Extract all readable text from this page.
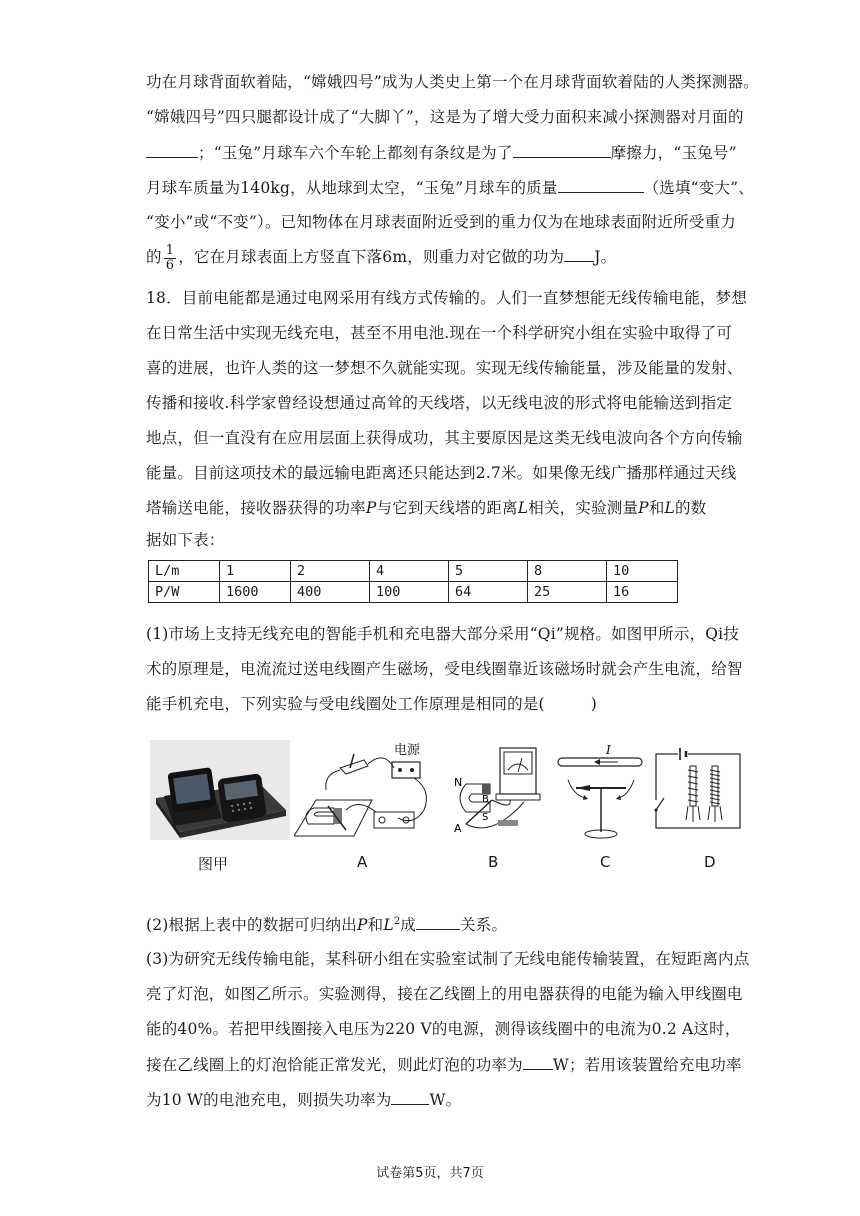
功在月球背面软着陆，“嫦娥四号”成为人类史上第一个在月球背面软着陆的人类探测器。
“嫦娥四号”四只腿都设计成了“大脚丫”，这是为了增大受力面积来减小探测器对月面的
；“玉兔”月球车六个车轮上都刻有条纹是为了	摩擦力，“玉兔号”
月球车质量为140kg，从地球到太空，“玉兔”月球车的质量	（选填“变大”、
“变小”或“不变”）。已知物体在月球表面附近受到的重力仅为在地球表面附近所受重力
的 $\frac{1}{6}$ ，它在月球表面上方竖直下落6m，则重力对它做的功为 J。
18．目前电能都是通过电网采用有线方式传输的。人们一直梦想能无线传输电能，梦想
在日常生活中实现无线充电，甚至不用电池.现在一个科学研究小组在实验中取得了可
喜的进展，也许人类的这一梦想不久就能实现。实现无线传输能量，涉及能量的发射、
传播和接收.科学家曾经设想通过高耸的天线塔，以无线电波的形式将电能输送到指定
地点，但一直没有在应用层面上获得成功，其主要原因是这类无线电波向各个方向传输
能量。目前这项技术的最远输电距离还只能达到2.7米。如果像无线广播那样通过天线
塔输送电能，接收器获得的功率P与它到天线塔的距离L相关，实验测量P和L的数
据如下表：
L/m	1	2	4	5	8	10
P/W	1600	400	100	64	25	16
(1)市场上支持无线充电的智能手机和充电器大部分采用“Qi”规格。如图甲所示，Qi技
术的原理是，电流流过送电线圈产生磁场，受电线圈靠近该磁场时就会产生电流，给智
能手机充电，下列实验与受电线圈处工作原理是相同的是(	)
电源
N
B
S
A
I
图甲	A	B	C	D
(2)根据上表中的数据可归纳出P和$L^2$成	关系。
(3)为研究无线传输电能，某科研小组在实验室试制了无线电能传输装置，在短距离内点
亮了灯泡，如图乙所示。实验测得，接在乙线圈上的用电器获得的电能为输入甲线圈电
能的40%。若把甲线圈接入电压为220 V的电源，测得该线圈中的电流为0.2 A这时，
接在乙线圈上的灯泡恰能正常发光，则此灯泡的功率为 W；若用该装置给充电功率
为10 W的电池充电，则损失功率为 W。
试卷第5页，共7页
